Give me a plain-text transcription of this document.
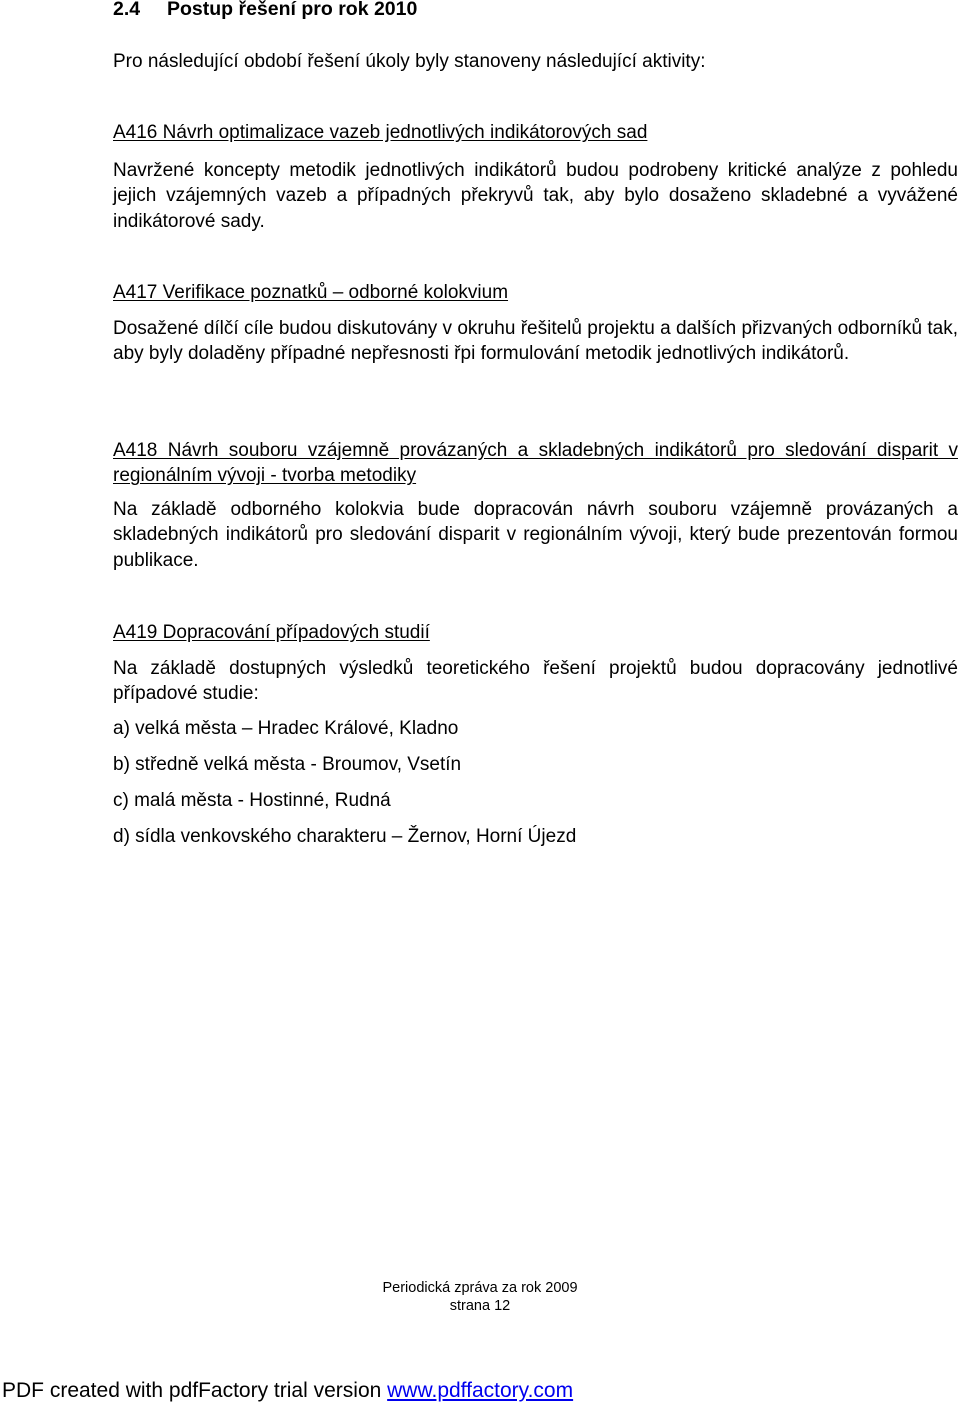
2.4 Postup řešení pro rok 2010
Pro následující období řešení úkoly byly stanoveny následující aktivity:
A416 Návrh optimalizace vazeb jednotlivých indikátorových sad
Navržené koncepty metodik jednotlivých indikátorů budou podrobeny kritické analýze z pohledu jejich vzájemných vazeb a případných překryvů tak, aby bylo dosaženo skladebné a vyvážené indikátorové sady.
A417 Verifikace poznatků – odborné kolokvium
Dosažené dílčí cíle budou diskutovány v okruhu řešitelů projektu a dalších přizvaných odborníků tak, aby byly doladěny případné nepřesnosti řpi formulování metodik jednotlivých indikátorů.
A418 Návrh souboru vzájemně provázaných a skladebných indikátorů pro sledování disparit v regionálním vývoji - tvorba metodiky
Na základě odborného kolokvia bude dopracován návrh souboru vzájemně provázaných a skladebných indikátorů pro sledování disparit v regionálním vývoji, který bude prezentován formou publikace.
A419 Dopracování případových studií
Na základě dostupných výsledků teoretického řešení projektů budou dopracovány jednotlivé případové studie:
a) velká města – Hradec Králové, Kladno
b) středně velká města - Broumov, Vsetín
c) malá města - Hostinné, Rudná
d) sídla venkovského charakteru – Žernov, Horní Újezd
Periodická zpráva za rok 2009
strana 12
PDF created with pdfFactory trial version www.pdffactory.com
